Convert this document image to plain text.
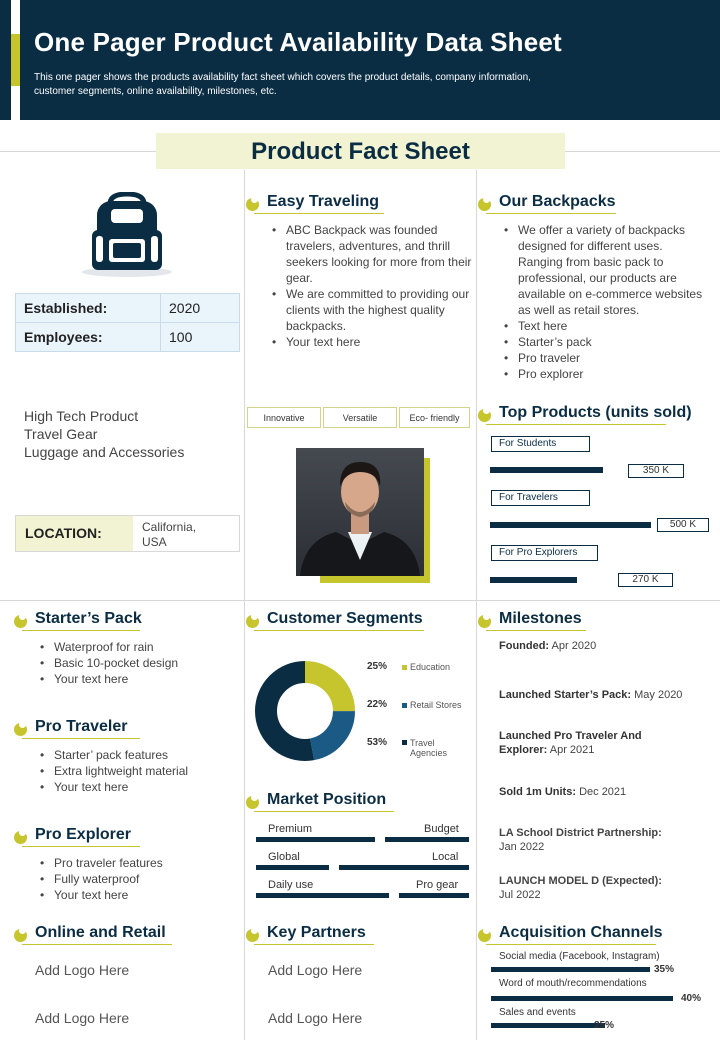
One Pager Product Availability Data Sheet

This one pager shows the products availability fact sheet which covers the product details, company information, customer segments, online availability, milestones, etc.

Product Fact Sheet
Established:	2020
Employees:	100
High Tech Product
Travel Gear
Luggage and Accessories
LOCATION:	California,
USA
Easy Traveling
• ABC Backpack was founded travelers, adventures, and thrill seekers looking for more from their gear.
• We are committed to providing our clients with the highest quality backpacks.
• Your text here
Our Backpacks
• We offer a variety of backpacks designed for different uses. Ranging from basic pack to professional, our products are available on e-commerce websites as well as retail stores.
• Text here
• Starter’s pack
• Pro traveler
• Pro explorer
Innovative	Versatile	Eco- friendly	Top Products (units sold)
For Students
350 K
For Travelers
500 K
For Pro Explorers
270 K
Starter’s Pack
• Waterproof for rain
• Basic 10-pocket design
• Your text here
Pro Traveler
• Starter’ pack features
• Extra lightweight material
• Your text here
Pro Explorer
• Pro traveler features
• Fully waterproof
• Your text here
Customer Segments
25%	Education
22%	Retail Stores
53%	Travel
Agencies
Market Position
Premium	Budget
Global	Local
Daily use	Pro gear
Milestones
Founded: Apr 2020
Launched Starter’s Pack: May 2020
Launched Pro Traveler And Explorer: Apr 2021
Sold 1m Units: Dec 2021
LA School District Partnership:
Jan 2022
LAUNCH MODEL D (Expected):
Jul 2022
Online and Retail
Add Logo Here
Add Logo Here
Key Partners
Add Logo Here
Add Logo Here
Acquisition Channels
Social media (Facebook, Instagram)
35%
Word of mouth/recommendations
40%
Sales and events
25%
